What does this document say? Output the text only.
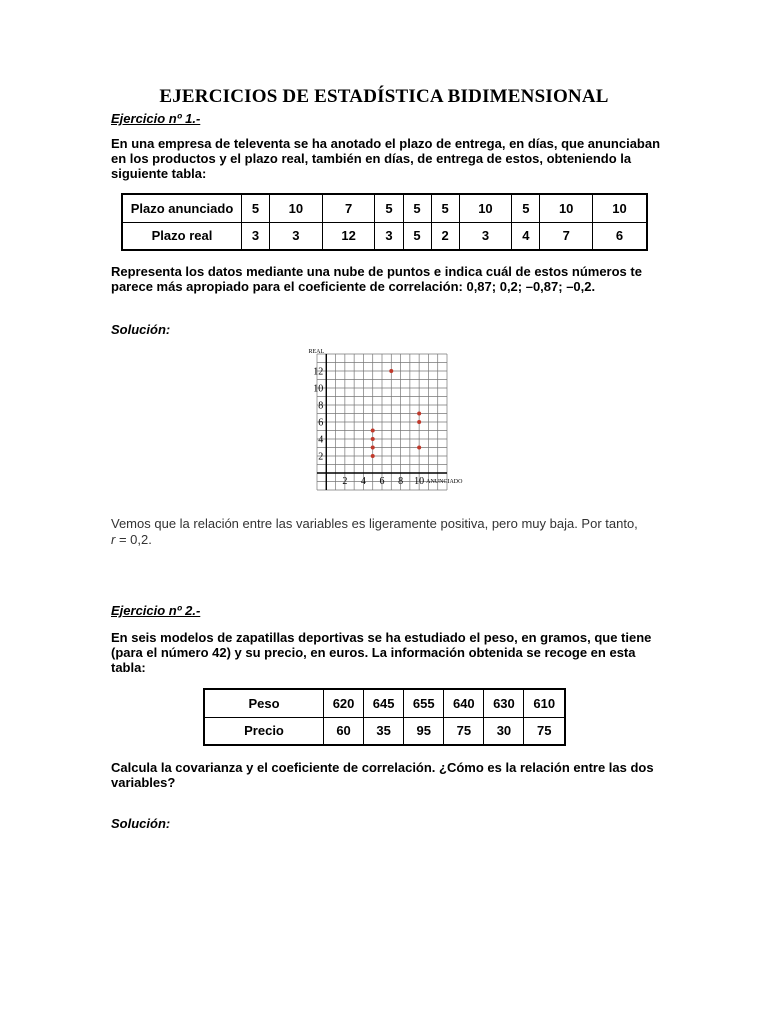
EJERCICIOS DE ESTADÍSTICA BIDIMENSIONAL
Ejercicio nº 1.-
En una empresa de televenta se ha anotado el plazo de entrega, en días, que anunciaban en los productos y el plazo real, también en días, de entrega de estos, obteniendo la siguiente tabla:
Plazo anunciado	5	10	7	5	5	5	10	5	10	10
Plazo real	3	3	12	3	5	2	3	4	7	6
Representa los datos mediante una nube de puntos e indica cuál de estos números te parece más apropiado para el coeficiente de correlación: 0,87; 0,2; –0,87; –0,2.
Solución:
2 4 6 8 10
2
4
6
8
10
12
REAL
ANUNCIADO
Vemos que la relación entre las variables es ligeramente positiva, pero muy baja. Por tanto,
r = 0,2.
Ejercicio nº 2.-
En seis modelos de zapatillas deportivas se ha estudiado el peso, en gramos, que tiene (para el número 42) y su precio, en euros. La información obtenida se recoge en esta tabla:
Peso	620	645	655	640	630	610
Precio	60	35	95	75	30	75
Calcula la covarianza y el coeficiente de correlación. ¿Cómo es la relación entre las dos variables?
Solución:
